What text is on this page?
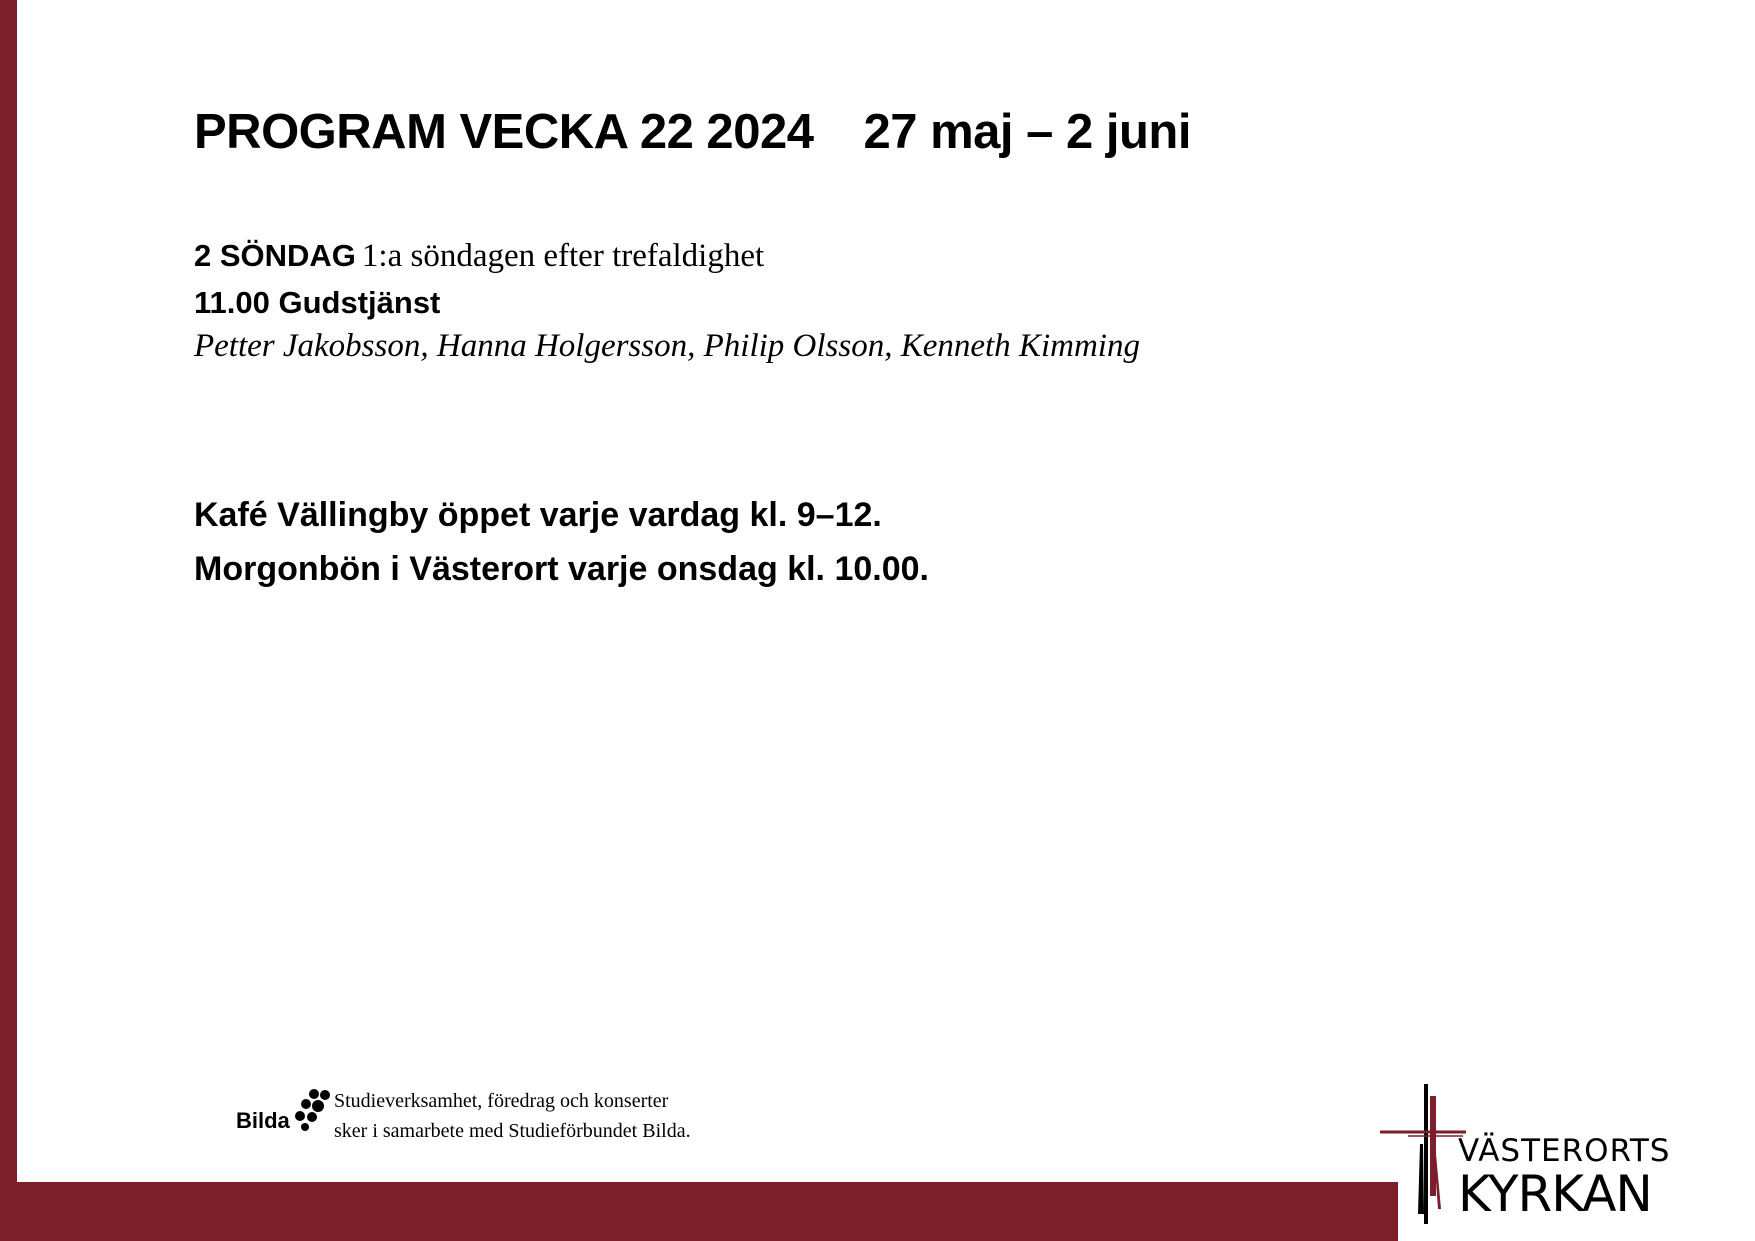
PROGRAM VECKA 22 2024 27 maj – 2 juni
2 SÖNDAG 1:a söndagen efter trefaldighet
11.00 Gudstjänst
Petter Jakobsson, Hanna Holgersson, Philip Olsson, Kenneth Kimming
Kafé Vällingby öppet varje vardag kl. 9–12.
Morgonbön i Västerort varje onsdag kl. 10.00.
Bilda
Studieverksamhet, föredrag och konserter
sker i samarbete med Studieförbundet Bilda.
VÄSTERORTS
KYRKAN
